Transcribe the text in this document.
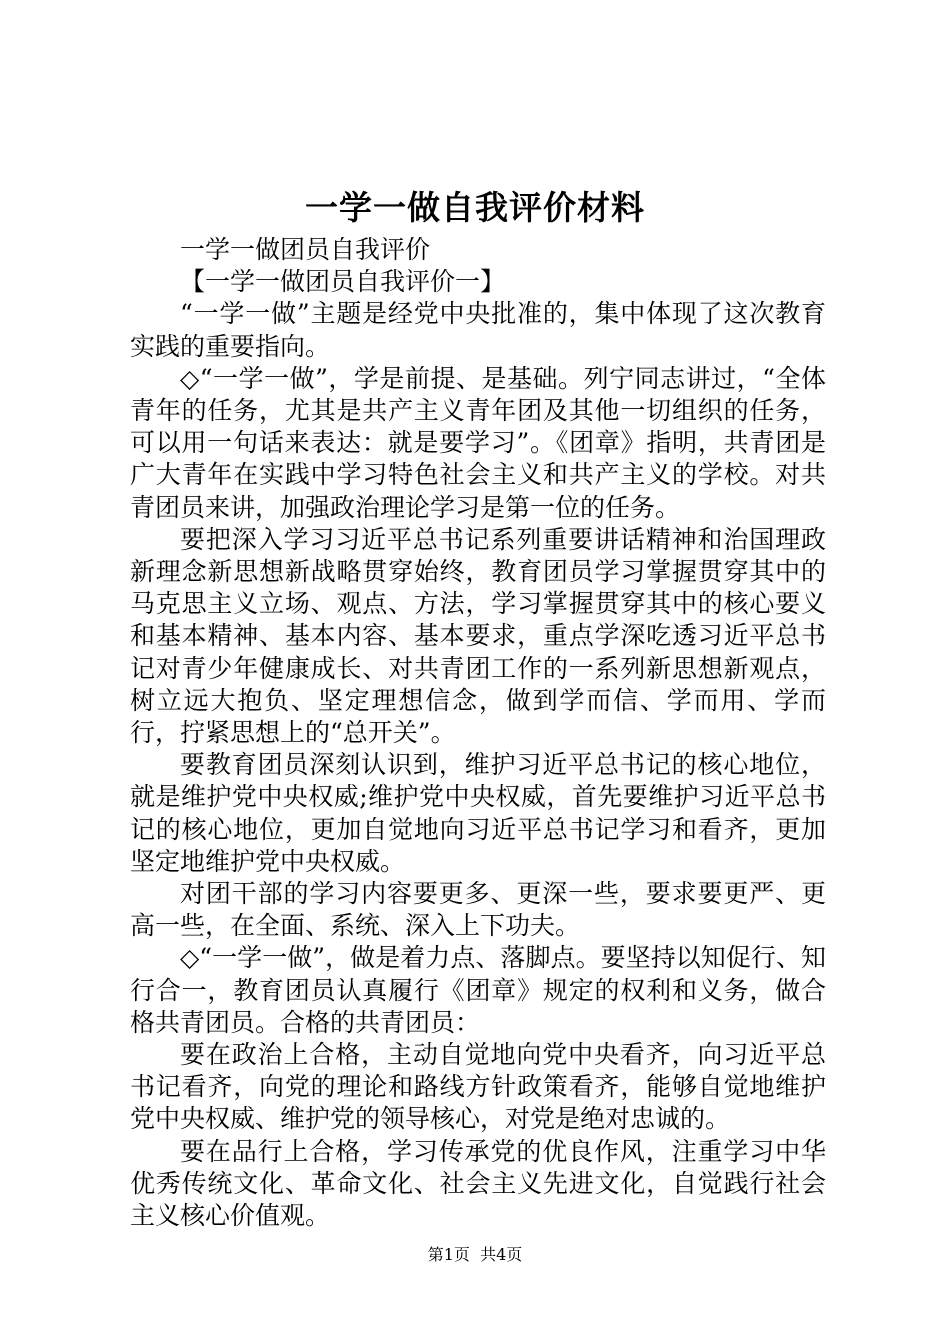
一学一做自我评价材料

一学一做团员自我评价

【一学一做团员自我评价一】

“一学一做”主题是经党中央批准的，集中体现了这次教育实践的重要指向。

◇“一学一做”，学是前提、是基础。列宁同志讲过，“全体青年的任务，尤其是共产主义青年团及其他一切组织的任务，可以用一句话来表达：就是要学习”。《团章》指明，共青团是广大青年在实践中学习特色社会主义和共产主义的学校。对共青团员来讲，加强政治理论学习是第一位的任务。

要把深入学习习近平总书记系列重要讲话精神和治国理政新理念新思想新战略贯穿始终，教育团员学习掌握贯穿其中的马克思主义立场、观点、方法，学习掌握贯穿其中的核心要义和基本精神、基本内容、基本要求，重点学深吃透习近平总书记对青少年健康成长、对共青团工作的一系列新思想新观点，树立远大抱负、坚定理想信念，做到学而信、学而用、学而行，拧紧思想上的“总开关”。

要教育团员深刻认识到，维护习近平总书记的核心地位，就是维护党中央权威;维护党中央权威，首先要维护习近平总书记的核心地位，更加自觉地向习近平总书记学习和看齐，更加坚定地维护党中央权威。

对团干部的学习内容要更多、更深一些，要求要更严、更高一些，在全面、系统、深入上下功夫。

◇“一学一做”，做是着力点、落脚点。要坚持以知促行、知行合一，教育团员认真履行《团章》规定的权利和义务，做合格共青团员。合格的共青团员：

要在政治上合格，主动自觉地向党中央看齐，向习近平总书记看齐，向党的理论和路线方针政策看齐，能够自觉地维护党中央权威、维护党的领导核心，对党是绝对忠诚的。

要在品行上合格，学习传承党的优良作风，注重学习中华优秀传统文化、革命文化、社会主义先进文化，自觉践行社会主义核心价值观。

第1页  共4页
